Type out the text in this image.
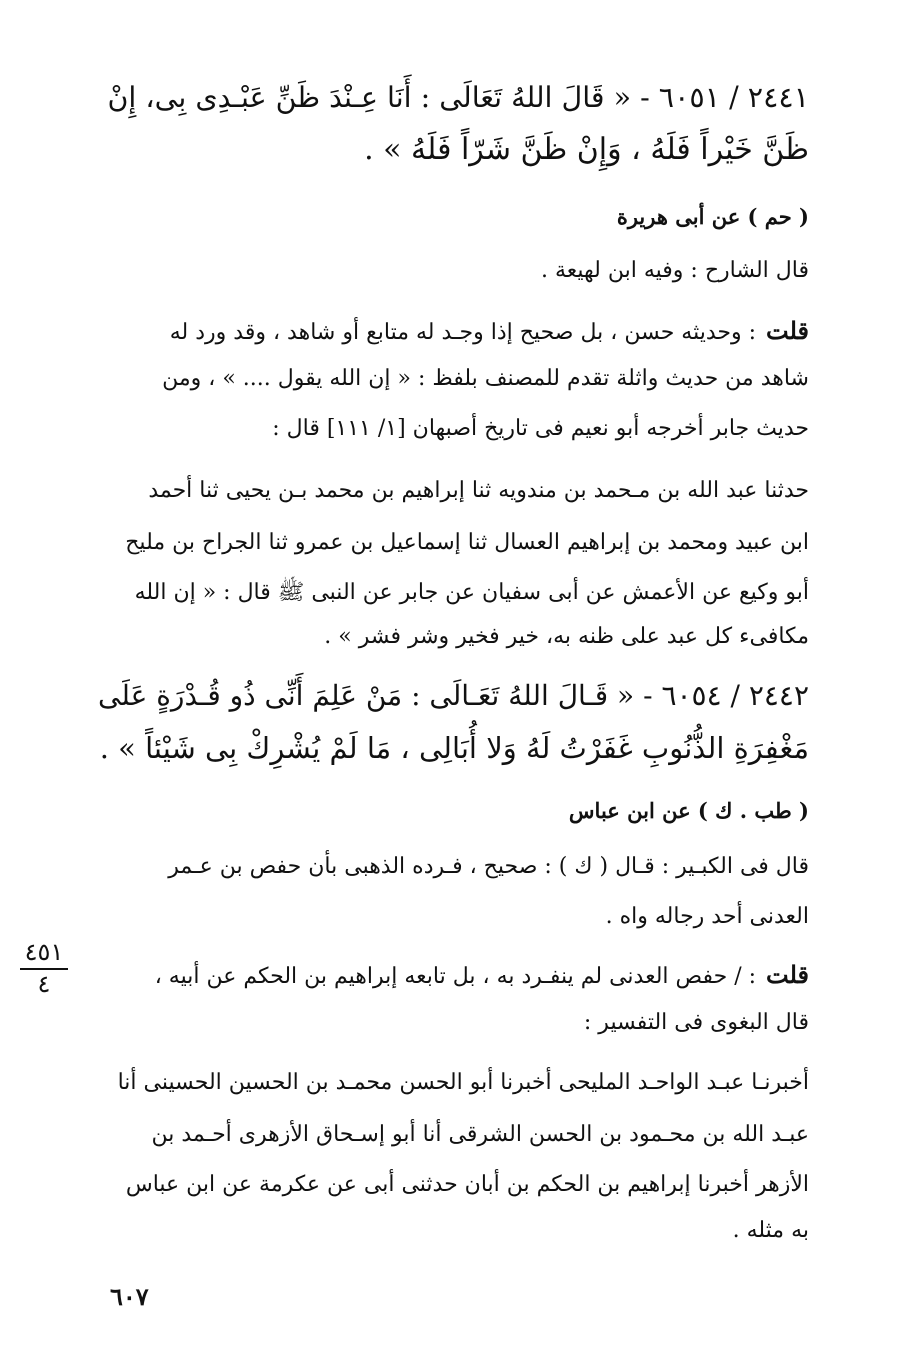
٢٤٤١ / ٦٠٥١ - « قَالَ اللهُ تَعَالَى : أَنَا عِـنْدَ ظَنِّ عَبْـدِى بِى، إِنْ
ظَنَّ خَيْراً فَلَهُ ، وَإِنْ ظَنَّ شَرّاً فَلَهُ » .
( حم ) عن أبى هريرة
قال الشارح : وفيه ابن لهيعة .
قلت: وحديثه حسن ، بل صحيح إذا وجـد له متابع أو شاهد ، وقد ورد له
شاهد من حديث واثلة تقدم للمصنف بلفظ : « إن الله يقول .... » ، ومن
حديث جابر أخرجه أبو نعيم فى تاريخ أصبهان [١/ ١١١] قال :
حدثنا عبد الله بن مـحمد بن مندويه ثنا إبراهيم بن محمد بـن يحيى ثنا أحمد
ابن عبيد ومحمد بن إبراهيم العسال ثنا إسماعيل بن عمرو ثنا الجراح بن مليح
أبو وكيع عن الأعمش عن أبى سفيان عن جابر عن النبى ﷺ قال : « إن الله
مكافىء كل عبد على ظنه به، خير فخير وشر فشر » .
٢٤٤٢ / ٦٠٥٤ - « قَـالَ اللهُ تَعَـالَى : مَنْ عَلِمَ أَنِّى ذُو قُـدْرَةٍ عَلَى
مَغْفِرَةِ الذُّنُوبِ غَفَرْتُ لَهُ وَلا أُبَالِى ، مَا لَمْ يُشْرِكْ بِى شَيْئاً » .
( طب . ك ) عن ابن عباس
قال فى الكبـير : قـال ( ك ) : صحيح ، فـرده الذهبى بأن حفص بن عـمر
العدنى أحد رجاله واه .
قلت: / حفص العدنى لم ينفـرد به ، بل تابعه إبراهيم بن الحكم عن أبيه ،
قال البغوى فى التفسير :
أخبرنـا عبـد الواحـد المليحى أخبرنا أبو الحسن محمـد بن الحسين الحسينى أنا
عبـد الله بن محـمود بن الحسن الشرقى أنا أبو إسـحاق الأزهرى أحـمد بن
الأزهر أخبرنا إبراهيم بن الحكم بن أبان حدثنى أبى عن عكرمة عن ابن عباس
به مثله .
٤٥١
٤
٦٠٧
